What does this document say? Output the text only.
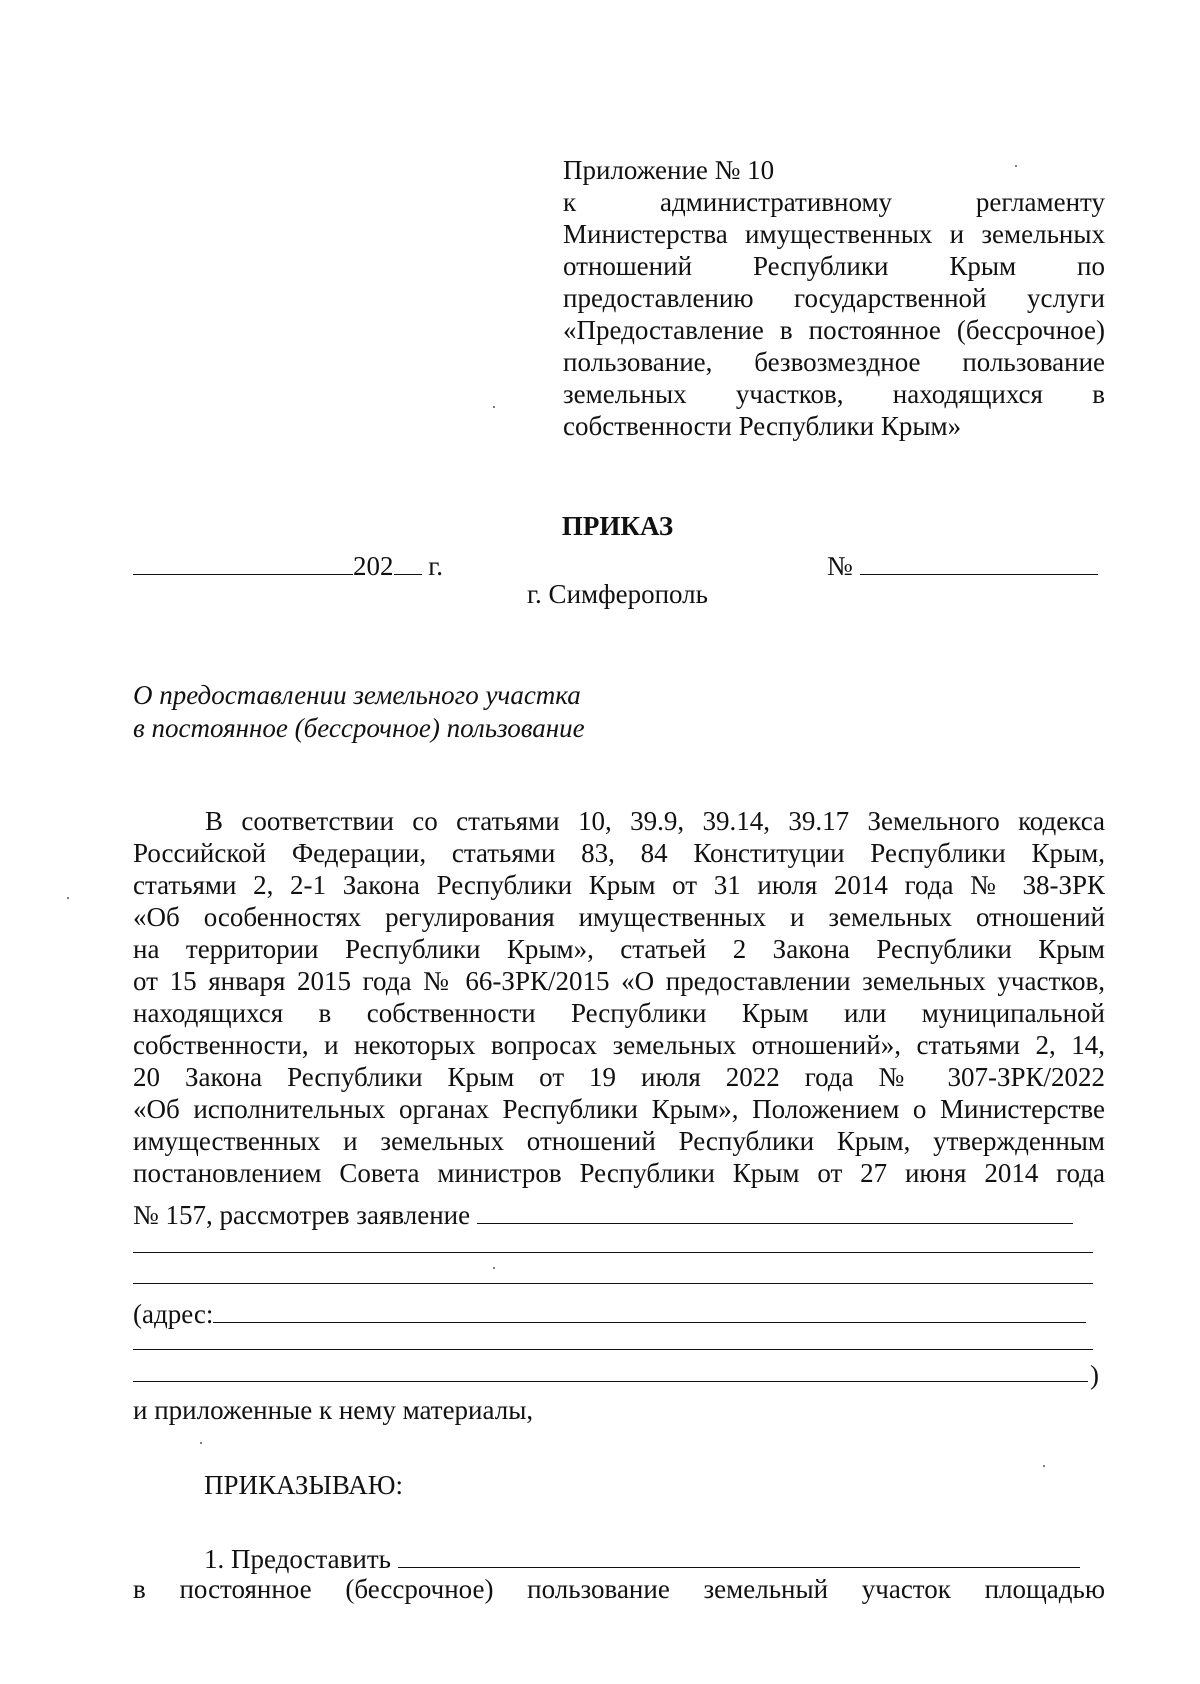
Приложение № 10
к административному регламенту
Министерства имущественных и земельных
отношений Республики Крым по
предоставлению государственной услуги
«Предоставление в постоянное (бессрочное)
пользование, безвозмездное пользование
земельных участков, находящихся в
собственности Республики Крым»
ПРИКАЗ
202 г.	№
г. Симферополь
О предоставлении земельного участка
в постоянное (бессрочное) пользование
В соответствии со статьями 10, 39.9, 39.14, 39.17 Земельного кодекса
Российской Федерации, статьями 83, 84 Конституции Республики Крым,
статьями 2, 2-1 Закона Республики Крым от 31 июля 2014 года № 38-ЗРК
«Об особенностях регулирования имущественных и земельных отношений
на территории Республики Крым», статьей 2 Закона Республики Крым
от 15 января 2015 года № 66-ЗРК/2015 «О предоставлении земельных участков,
находящихся в собственности Республики Крым или муниципальной
собственности, и некоторых вопросах земельных отношений», статьями 2, 14,
20 Закона Республики Крым от 19 июля 2022 года № 307-ЗРК/2022
«Об исполнительных органах Республики Крым», Положением о Министерстве
имущественных и земельных отношений Республики Крым, утвержденным
постановлением Совета министров Республики Крым от 27 июня 2014 года
№ 157, рассмотрев заявление
(адрес:
)
и приложенные к нему материалы,
ПРИКАЗЫВАЮ:
1. Предоставить
в постоянное (бессрочное) пользование земельный участок площадью
